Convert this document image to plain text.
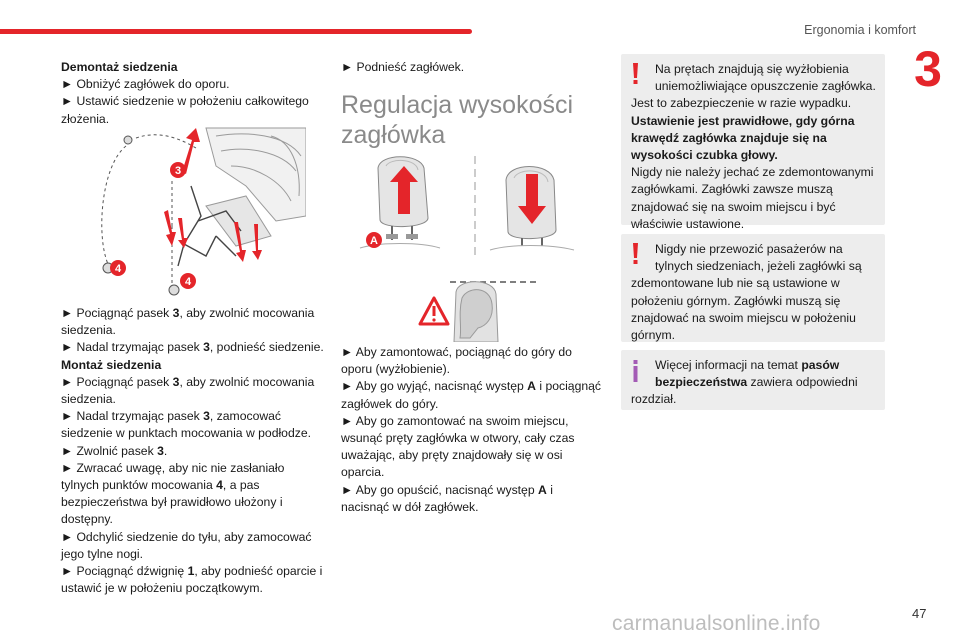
Ergonomia i komfort
3
Demontaż siedzenia
► Obniżyć zagłówek do oporu.
► Ustawić siedzenie w położeniu całkowitego
złożenia.
3
4
4
► Pociągnąć pasek 3, aby zwolnić mocowania
siedzenia.
► Nadal trzymając pasek 3, podnieść siedzenie.
Montaż siedzenia
► Pociągnąć pasek 3, aby zwolnić mocowania
siedzenia.
► Nadal trzymając pasek 3, zamocować
siedzenie w punktach mocowania w podłodze.
► Zwolnić pasek 3.
► Zwracać uwagę, aby nic nie zasłaniało
tylnych punktów mocowania 4, a pas
bezpieczeństwa był prawidłowo ułożony i
dostępny.
► Odchylić siedzenie do tyłu, aby zamocować
jego tylne nogi.
► Pociągnąć dźwignię 1, aby podnieść oparcie i
ustawić je w położeniu początkowym.
► Podnieść zagłówek.
Regulacja wysokości
zagłówka
A
► Aby zamontować, pociągnąć do góry do
oporu (wyżłobienie).
► Aby go wyjąć, nacisnąć występ A i pociągnąć
zagłówek do góry.
► Aby go zamontować na swoim miejscu,
wsunąć pręty zagłówka w otwory, cały czas
uważając, aby pręty znajdowały się w osi
oparcia.
► Aby go opuścić, nacisnąć występ A i
nacisnąć w dół zagłówek.
Na prętach znajdują się wyżłobienia
uniemożliwiające opuszczenie zagłówka.
Jest to zabezpieczenie w razie wypadku.
Ustawienie jest prawidłowe, gdy górna
krawędź zagłówka znajduje się na
wysokości czubka głowy.
Nigdy nie należy jechać ze zdemontowanymi
zagłówkami. Zagłówki zawsze muszą
znajdować się na swoim miejscu i być
właściwie ustawione.
Nigdy nie przewozić pasażerów na
tylnych siedzeniach, jeżeli zagłówki są
zdemontowane lub nie są ustawione w
położeniu górnym. Zagłówki muszą się
znajdować na swoim miejscu w położeniu
górnym.
Więcej informacji na temat pasów
bezpieczeństwa zawiera odpowiedni
rozdział.
carmanualsonline.info	47
